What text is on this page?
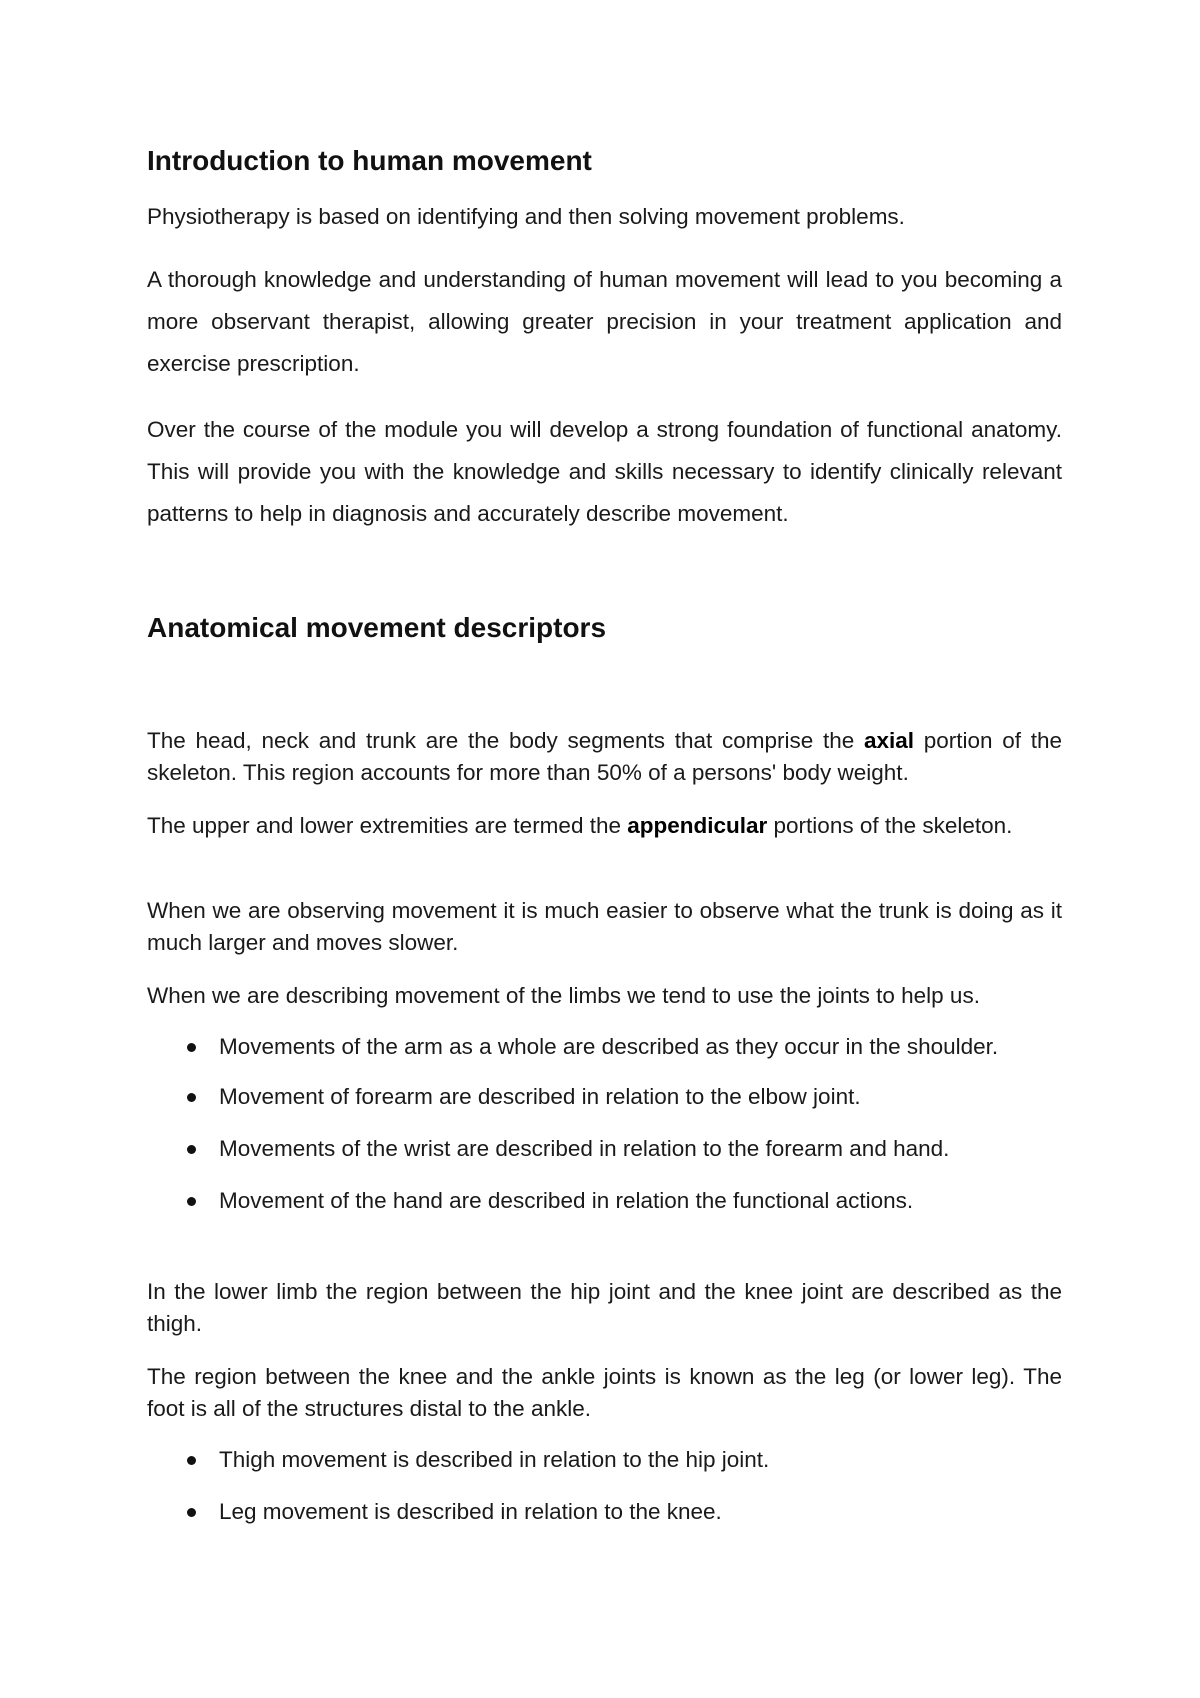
Introduction to human movement

Physiotherapy is based on identifying and then solving movement problems.

A thorough knowledge and understanding of human movement will lead to you becoming a more observant therapist, allowing greater precision in your treatment application and exercise prescription.

Over the course of the module you will develop a strong foundation of functional anatomy. This will provide you with the knowledge and skills necessary to identify clinically relevant patterns to help in diagnosis and accurately describe movement.

Anatomical movement descriptors

The head, neck and trunk are the body segments that comprise the axial portion of the skeleton. This region accounts for more than 50% of a persons' body weight.

The upper and lower extremities are termed the appendicular portions of the skeleton.

When we are observing movement it is much easier to observe what the trunk is doing as it much larger and moves slower.

When we are describing movement of the limbs we tend to use the joints to help us.

Movements of the arm as a whole are described as they occur in the shoulder.
Movement of forearm are described in relation to the elbow joint.
Movements of the wrist are described in relation to the forearm and hand.
Movement of the hand are described in relation the functional actions.

In the lower limb the region between the hip joint and the knee joint are described as the thigh.

The region between the knee and the ankle joints is known as the leg (or lower leg). The foot is all of the structures distal to the ankle.

Thigh movement is described in relation to the hip joint.
Leg movement is described in relation to the knee.
